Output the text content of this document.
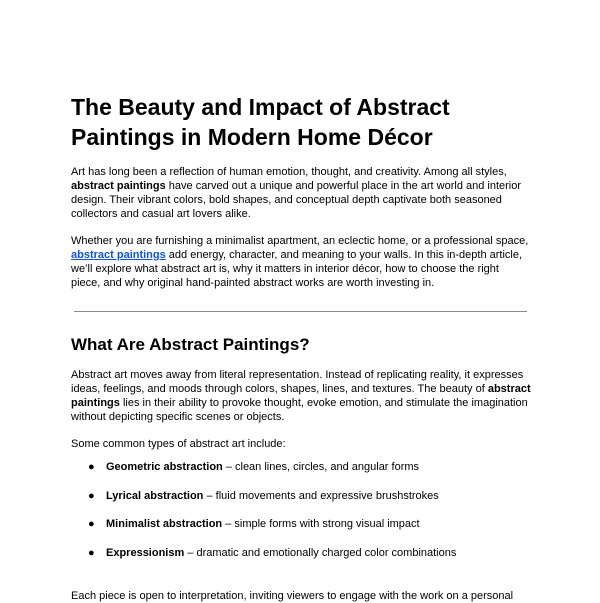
The Beauty and Impact of Abstract Paintings in Modern Home Décor

Art has long been a reflection of human emotion, thought, and creativity. Among all styles, abstract paintings have carved out a unique and powerful place in the art world and interior design. Their vibrant colors, bold shapes, and conceptual depth captivate both seasoned collectors and casual art lovers alike.

Whether you are furnishing a minimalist apartment, an eclectic home, or a professional space, abstract paintings add energy, character, and meaning to your walls. In this in-depth article, we’ll explore what abstract art is, why it matters in interior décor, how to choose the right piece, and why original hand-painted abstract works are worth investing in.

What Are Abstract Paintings?

Abstract art moves away from literal representation. Instead of replicating reality, it expresses ideas, feelings, and moods through colors, shapes, lines, and textures. The beauty of abstract paintings lies in their ability to provoke thought, evoke emotion, and stimulate the imagination without depicting specific scenes or objects.

Some common types of abstract art include:

● Geometric abstraction – clean lines, circles, and angular forms
● Lyrical abstraction – fluid movements and expressive brushstrokes
● Minimalist abstraction – simple forms with strong visual impact
● Expressionism – dramatic and emotionally charged color combinations

Each piece is open to interpretation, inviting viewers to engage with the work on a personal
